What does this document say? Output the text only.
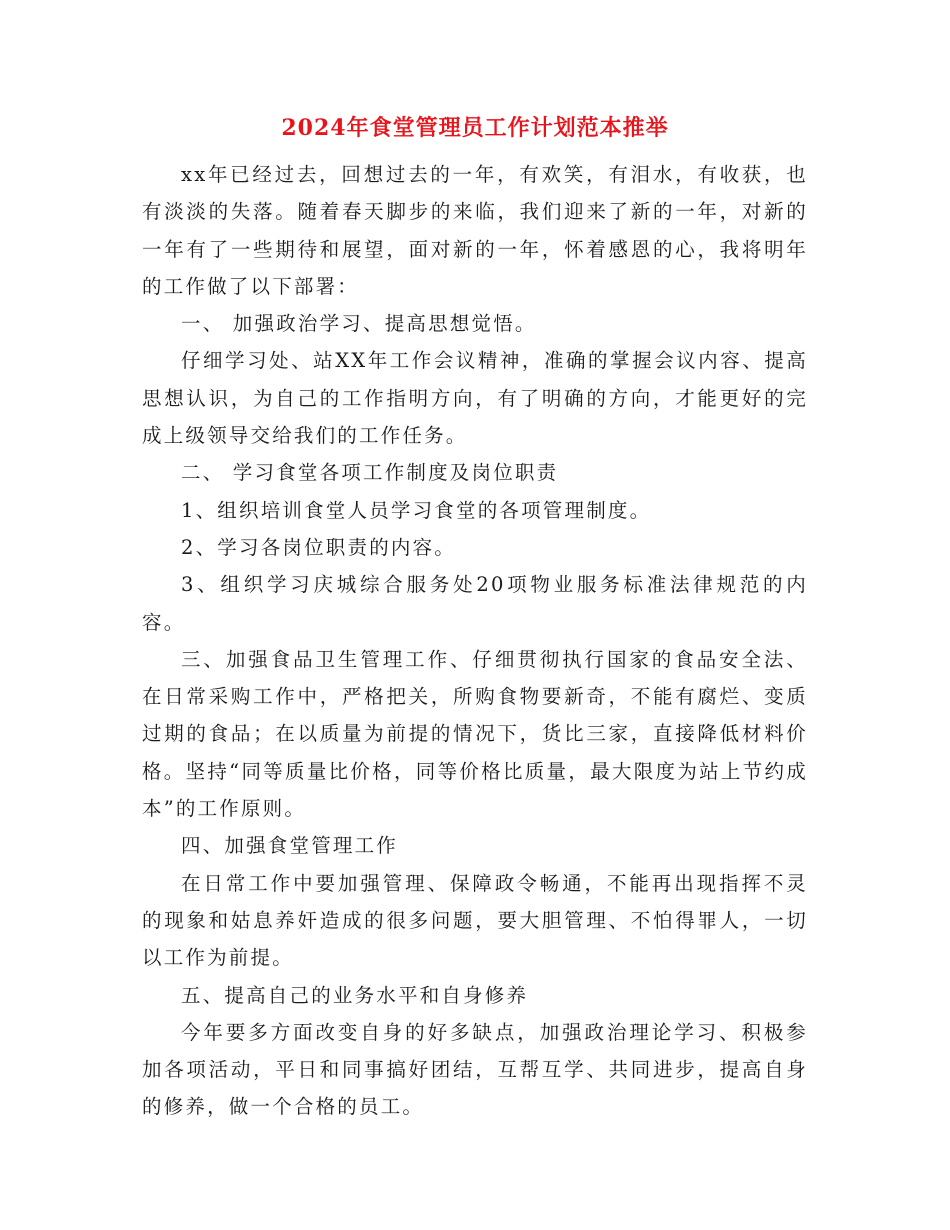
2024年食堂管理员工作计划范本推举

xx年已经过去，回想过去的一年，有欢笑，有泪水，有收获，也有淡淡的失落。随着春天脚步的来临，我们迎来了新的一年，对新的一年有了一些期待和展望，面对新的一年，怀着感恩的心，我将明年的工作做了以下部署：

一、 加强政治学习、提高思想觉悟。

仔细学习处、站XX年工作会议精神，准确的掌握会议内容、提高思想认识，为自己的工作指明方向，有了明确的方向，才能更好的完成上级领导交给我们的工作任务。

二、 学习食堂各项工作制度及岗位职责

1、组织培训食堂人员学习食堂的各项管理制度。

2、学习各岗位职责的内容。

3、组织学习庆城综合服务处20项物业服务标准法律规范的内容。

三、加强食品卫生管理工作、仔细贯彻执行国家的食品安全法、在日常采购工作中，严格把关，所购食物要新奇，不能有腐烂、变质过期的食品；在以质量为前提的情况下，货比三家，直接降低材料价格。坚持“同等质量比价格，同等价格比质量，最大限度为站上节约成本”的工作原则。

四、加强食堂管理工作

在日常工作中要加强管理、保障政令畅通，不能再出现指挥不灵的现象和姑息养奸造成的很多问题，要大胆管理、不怕得罪人，一切以工作为前提。

五、提高自己的业务水平和自身修养

今年要多方面改变自身的好多缺点，加强政治理论学习、积极参加各项活动，平日和同事搞好团结，互帮互学、共同进步，提高自身的修养，做一个合格的员工。
